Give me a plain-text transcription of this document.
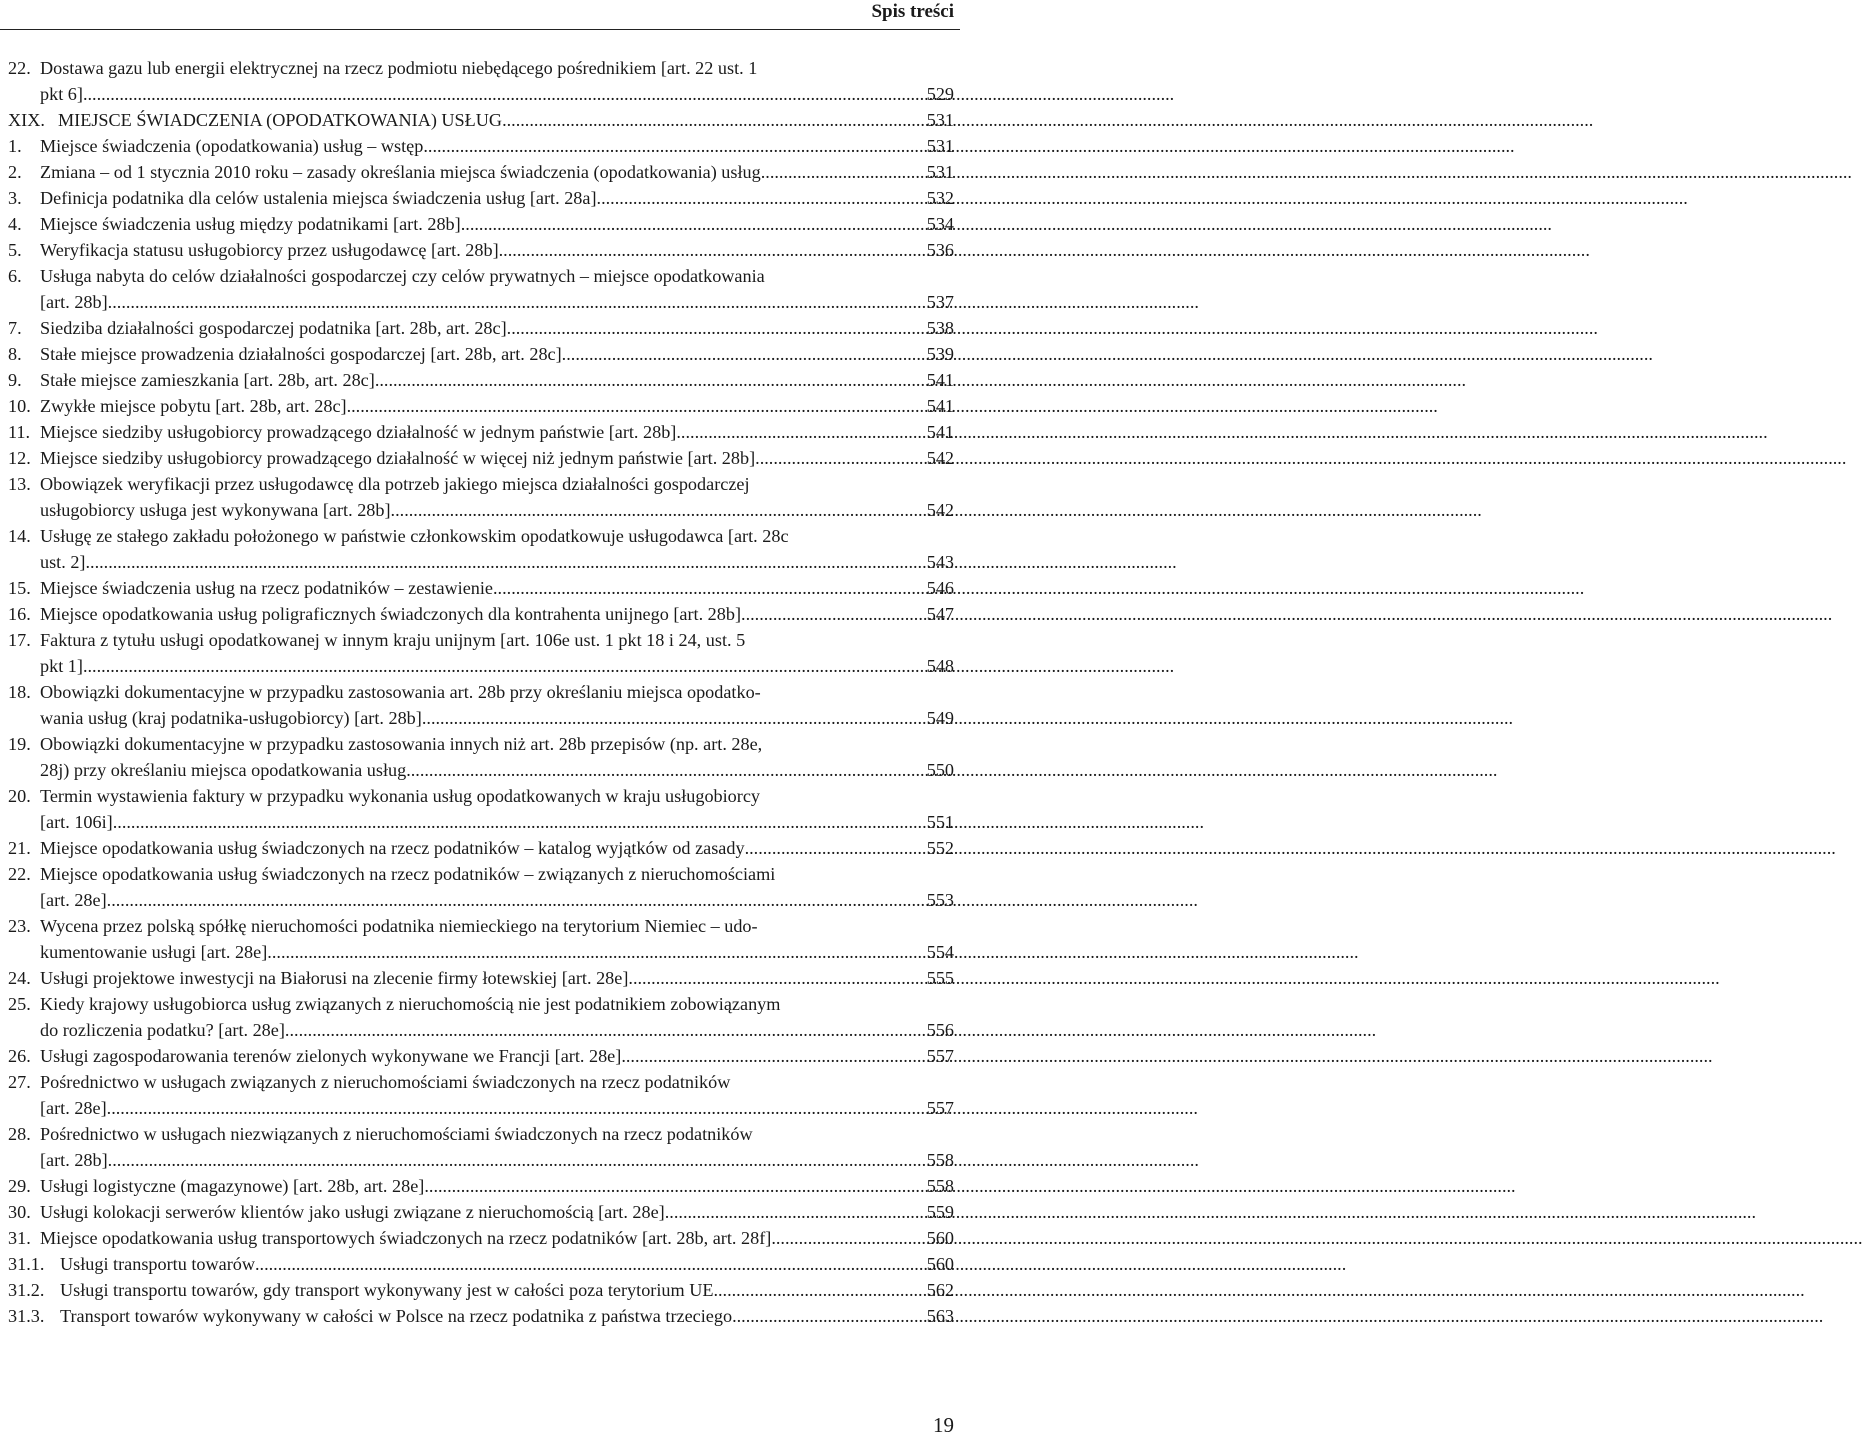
Spis treści
22. Dostawa gazu lub energii elektrycznej na rzecz podmiotu niebędącego pośrednikiem [art. 22 ust. 1
pkt 6] .....	529
XIX. MIEJSCE ŚWIADCZENIA (OPODATKOWANIA) USŁUG .....	531
1.	Miejsce świadczenia (opodatkowania) usług – wstęp .....	531
2.	Zmiana – od 1 stycznia 2010 roku – zasady określania miejsca świadczenia (opodatkowania) usług .....	531
3.	Definicja podatnika dla celów ustalenia miejsca świadczenia usług [art. 28a] .....	532
4.	Miejsce świadczenia usług między podatnikami [art. 28b] .....	534
5.	Weryfikacja statusu usługobiorcy przez usługodawcę [art. 28b] .....	536
6.	Usługa nabyta do celów działalności gospodarczej czy celów prywatnych – miejsce opodatkowania
[art. 28b] .....	537
7.	Siedziba działalności gospodarczej podatnika [art. 28b, art. 28c] .....	538
8.	Stałe miejsce prowadzenia działalności gospodarczej [art. 28b, art. 28c] .....	539
9.	Stałe miejsce zamieszkania [art. 28b, art. 28c] .....	541
10. Zwykłe miejsce pobytu [art. 28b, art. 28c] .....	541
11. Miejsce siedziby usługobiorcy prowadzącego działalność w jednym państwie [art. 28b] .....	541
12. Miejsce siedziby usługobiorcy prowadzącego działalność w więcej niż jednym państwie [art. 28b] .....	542
13. Obowiązek weryfikacji przez usługodawcę dla potrzeb jakiego miejsca działalności gospodarczej
usługobiorcy usługa jest wykonywana [art. 28b] .....	542
14. Usługę ze stałego zakładu położonego w państwie członkowskim opodatkowuje usługodawca [art. 28c
ust. 2] .....	543
15. Miejsce świadczenia usług na rzecz podatników – zestawienie .....	546
16. Miejsce opodatkowania usług poligraficznych świadczonych dla kontrahenta unijnego [art. 28b] .....	547
17. Faktura z tytułu usługi opodatkowanej w innym kraju unijnym [art. 106e ust. 1 pkt 18 i 24, ust. 5
pkt 1] .....	548
18. Obowiązki dokumentacyjne w przypadku zastosowania art. 28b przy określaniu miejsca opodatko-
wania usług (kraj podatnika-usługobiorcy) [art. 28b] .....	549
19. Obowiązki dokumentacyjne w przypadku zastosowania innych niż art. 28b przepisów (np. art. 28e,
28j) przy określaniu miejsca opodatkowania usług .....	550
20. Termin wystawienia faktury w przypadku wykonania usług opodatkowanych w kraju usługobiorcy
[art. 106i] .....	551
21. Miejsce opodatkowania usług świadczonych na rzecz podatników – katalog wyjątków od zasady .....	552
22. Miejsce opodatkowania usług świadczonych na rzecz podatników – związanych z nieruchomościami
[art. 28e] .....	553
23. Wycena przez polską spółkę nieruchomości podatnika niemieckiego na terytorium Niemiec – udo-
kumentowanie usługi [art. 28e] .....	554
24. Usługi projektowe inwestycji na Białorusi na zlecenie firmy łotewskiej [art. 28e] .....	555
25. Kiedy krajowy usługobiorca usług związanych z nieruchomością nie jest podatnikiem zobowiązanym
do rozliczenia podatku? [art. 28e] .....	556
26. Usługi zagospodarowania terenów zielonych wykonywane we Francji [art. 28e] .....	557
27. Pośrednictwo w usługach związanych z nieruchomościami świadczonych na rzecz podatników
[art. 28e] .....	557
28. Pośrednictwo w usługach niezwiązanych z nieruchomościami świadczonych na rzecz podatników
[art. 28b] .....	558
29. Usługi logistyczne (magazynowe) [art. 28b, art. 28e] .....	558
30. Usługi kolokacji serwerów klientów jako usługi związane z nieruchomością [art. 28e] .....	559
31. Miejsce opodatkowania usług transportowych świadczonych na rzecz podatników [art. 28b, art. 28f] .....	560
31.1. Usługi transportu towarów .....	560
31.2. Usługi transportu towarów, gdy transport wykonywany jest w całości poza terytorium UE .....	562
31.3. Transport towarów wykonywany w całości w Polsce na rzecz podatnika z państwa trzeciego .....	563
19
